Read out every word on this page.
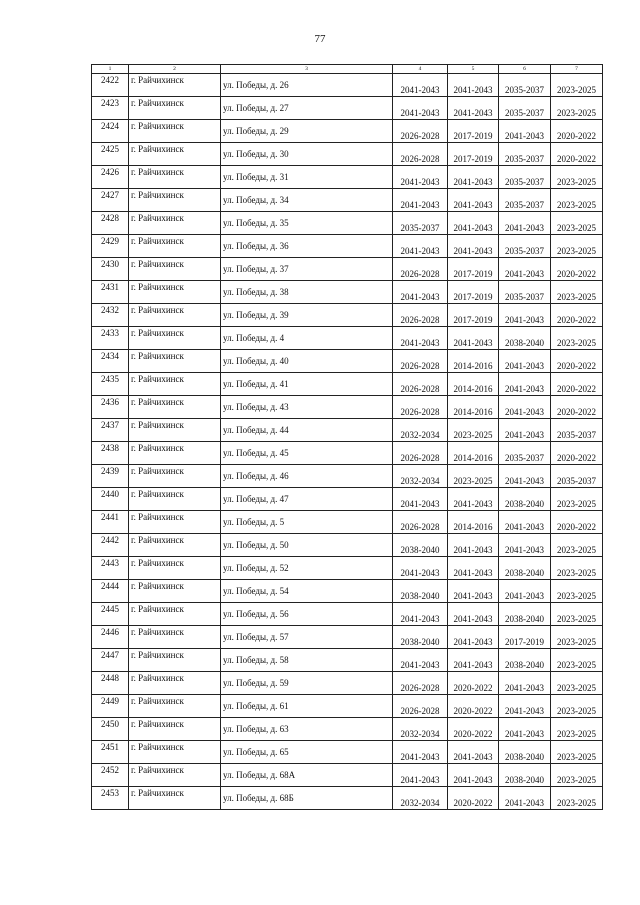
77
1	2	3	4	5	6	7
2422	г. Райчихинск	ул. Победы, д. 26	2041-2043	2041-2043	2035-2037	2023-2025
2423	г. Райчихинск	ул. Победы, д. 27	2041-2043	2041-2043	2035-2037	2023-2025
2424	г. Райчихинск	ул. Победы, д. 29	2026-2028	2017-2019	2041-2043	2020-2022
2425	г. Райчихинск	ул. Победы, д. 30	2026-2028	2017-2019	2035-2037	2020-2022
2426	г. Райчихинск	ул. Победы, д. 31	2041-2043	2041-2043	2035-2037	2023-2025
2427	г. Райчихинск	ул. Победы, д. 34	2041-2043	2041-2043	2035-2037	2023-2025
2428	г. Райчихинск	ул. Победы, д. 35	2035-2037	2041-2043	2041-2043	2023-2025
2429	г. Райчихинск	ул. Победы, д. 36	2041-2043	2041-2043	2035-2037	2023-2025
2430	г. Райчихинск	ул. Победы, д. 37	2026-2028	2017-2019	2041-2043	2020-2022
2431	г. Райчихинск	ул. Победы, д. 38	2041-2043	2017-2019	2035-2037	2023-2025
2432	г. Райчихинск	ул. Победы, д. 39	2026-2028	2017-2019	2041-2043	2020-2022
2433	г. Райчихинск	ул. Победы, д. 4	2041-2043	2041-2043	2038-2040	2023-2025
2434	г. Райчихинск	ул. Победы, д. 40	2026-2028	2014-2016	2041-2043	2020-2022
2435	г. Райчихинск	ул. Победы, д. 41	2026-2028	2014-2016	2041-2043	2020-2022
2436	г. Райчихинск	ул. Победы, д. 43	2026-2028	2014-2016	2041-2043	2020-2022
2437	г. Райчихинск	ул. Победы, д. 44	2032-2034	2023-2025	2041-2043	2035-2037
2438	г. Райчихинск	ул. Победы, д. 45	2026-2028	2014-2016	2035-2037	2020-2022
2439	г. Райчихинск	ул. Победы, д. 46	2032-2034	2023-2025	2041-2043	2035-2037
2440	г. Райчихинск	ул. Победы, д. 47	2041-2043	2041-2043	2038-2040	2023-2025
2441	г. Райчихинск	ул. Победы, д. 5	2026-2028	2014-2016	2041-2043	2020-2022
2442	г. Райчихинск	ул. Победы, д. 50	2038-2040	2041-2043	2041-2043	2023-2025
2443	г. Райчихинск	ул. Победы, д. 52	2041-2043	2041-2043	2038-2040	2023-2025
2444	г. Райчихинск	ул. Победы, д. 54	2038-2040	2041-2043	2041-2043	2023-2025
2445	г. Райчихинск	ул. Победы, д. 56	2041-2043	2041-2043	2038-2040	2023-2025
2446	г. Райчихинск	ул. Победы, д. 57	2038-2040	2041-2043	2017-2019	2023-2025
2447	г. Райчихинск	ул. Победы, д. 58	2041-2043	2041-2043	2038-2040	2023-2025
2448	г. Райчихинск	ул. Победы, д. 59	2026-2028	2020-2022	2041-2043	2023-2025
2449	г. Райчихинск	ул. Победы, д. 61	2026-2028	2020-2022	2041-2043	2023-2025
2450	г. Райчихинск	ул. Победы, д. 63	2032-2034	2020-2022	2041-2043	2023-2025
2451	г. Райчихинск	ул. Победы, д. 65	2041-2043	2041-2043	2038-2040	2023-2025
2452	г. Райчихинск	ул. Победы, д. 68А	2041-2043	2041-2043	2038-2040	2023-2025
2453	г. Райчихинск	ул. Победы, д. 68Б	2032-2034	2020-2022	2041-2043	2023-2025
